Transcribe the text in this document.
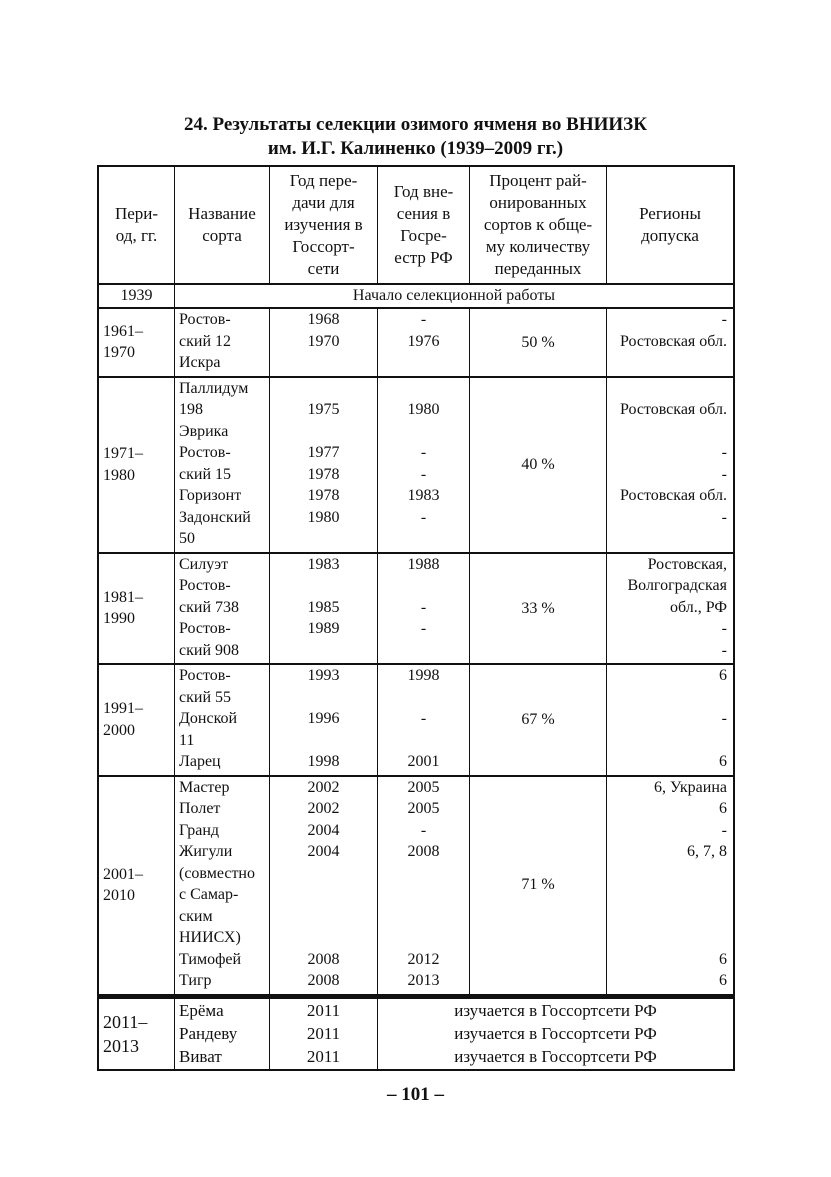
24. Результаты селекции озимого ячменя во ВНИИЗК
им. И.Г. Калиненко (1939–2009 гг.)
Пери-
од, гг.
Название
сорта
Год пере-
дачи для
изучения в
Госсорт-
сети
Год вне-
сения в
Госре-
естр РФ
Процент рай-
онированных
сортов к обще-
му количеству
переданных
Регионы
допуска
1939	Начало селекционной работы
1961–
1970
Ростов-
ский 12
Искра
1968
1970
-
1976	50 %
-
Ростовская обл.
1971–
1980
Паллидум
198
Эврика
Ростов-
ский 15
Горизонт
Задонский
50
1975
1977
1978
1978
1980
1980
-
-
1983
-
40 %
Ростовская обл.
-
-
Ростовская обл.
-
1981–
1990
Силуэт
Ростов-
ский 738
Ростов-
ский 908
1983
1985
1989
1988
-
-
33 %
Ростовская,
Волгоградская
обл., РФ
-
-
1991–
2000
Ростов-
ский 55
Донской
11
Ларец
1993
1996
1998
1998
-
2001
67 %
6
-
6
2001–
2010
Мастер
Полет
Гранд
Жигули
(совместно
с Самар-
ским
НИИСХ)
Тимофей
Тигр
2002
2002
2004
2004
2008
2008
2005
2005
-
2008
2012
2013
71 %
6, Украина
6
-
6, 7, 8
6
6
2011–
2013
Ерёма
Рандеву
Виват
2011
2011
2011
изучается в Госсортсети РФ
изучается в Госсортсети РФ
изучается в Госсортсети РФ
– 101 –
